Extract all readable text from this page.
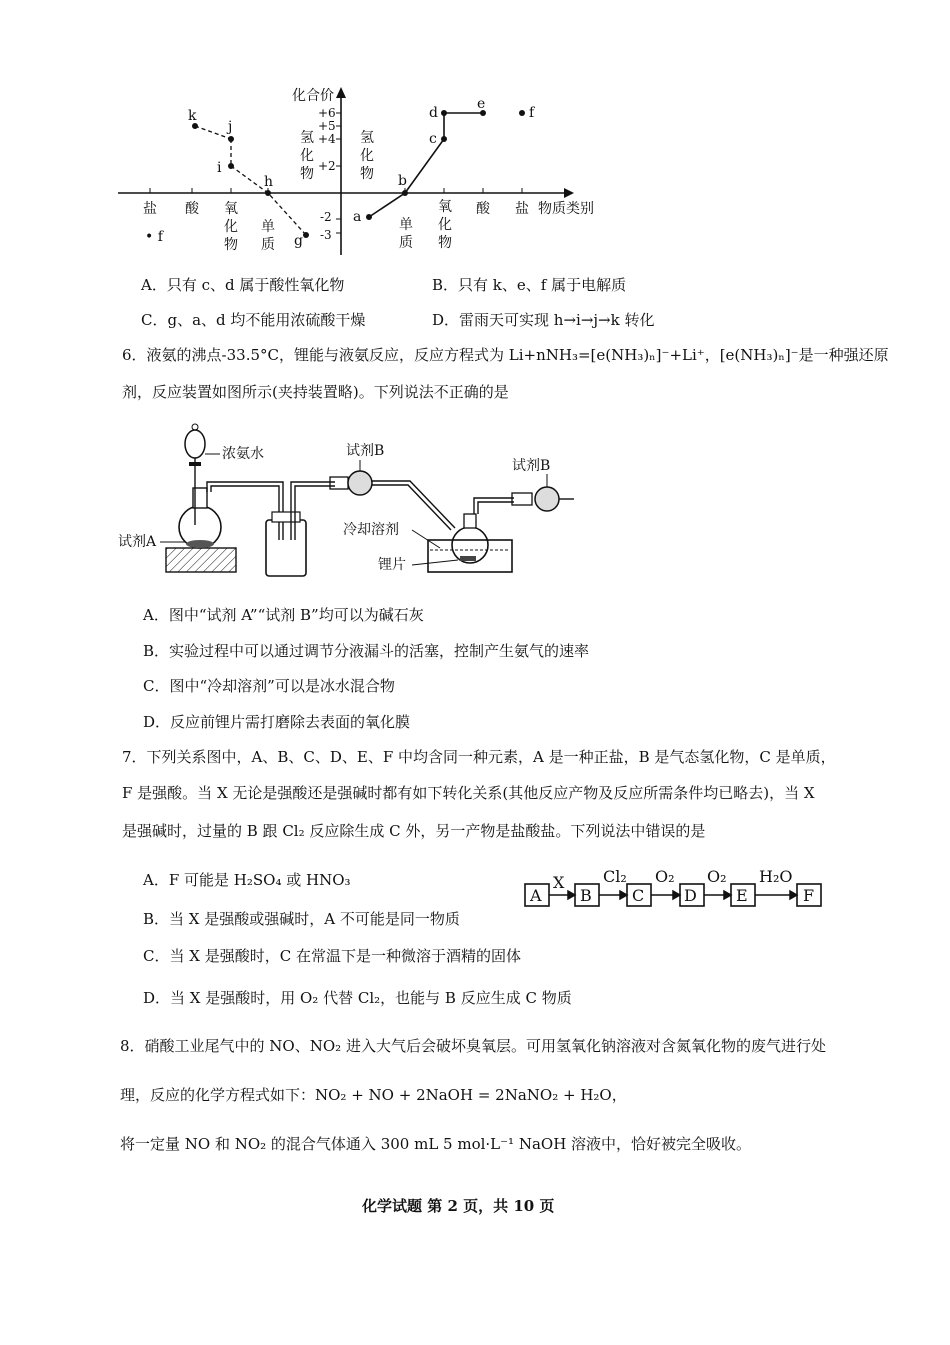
化合价
+6
+5
+4
+2
-2
-3
氢
化
物
氢
化
物
盐 酸 氧
化
物
单
质
单
质
氧
化
物
酸 盐 物质类别
a
b
c
d
e
f
k
j
i
h
g
• f
A．只有 c、d 属于酸性氧化物	B．只有 k、e、f 属于电解质
C．g、a、d 均不能用浓硫酸干燥	D．雷雨天可实现 h→i→j→k 转化
6．液氨的沸点-33.5°C，锂能与液氨反应，反应方程式为 Li+nNH₃=[e(NH₃)ₙ]⁻+Li⁺，[e(NH₃)ₙ]⁻是一种强还原
剂，反应装置如图所示(夹持装置略)。下列说法不正确的是
浓氨水
试剂A
试剂B
冷却溶剂
锂片
试剂B
A．图中“试剂 A”“试剂 B”均可以为碱石灰
B．实验过程中可以通过调节分液漏斗的活塞，控制产生氨气的速率
C．图中“冷却溶剂”可以是冰水混合物
D．反应前锂片需打磨除去表面的氧化膜
7．下列关系图中，A、B、C、D、E、F 中均含同一种元素，A 是一种正盐，B 是气态氢化物，C 是单质，
F 是强酸。当 X 无论是强酸还是强碱时都有如下转化关系(其他反应产物及反应所需条件均已略去)，当 X
是强碱时，过量的 B 跟 Cl₂ 反应除生成 C 外，另一产物是盐酸盐。下列说法中错误的是
A．F 可能是 H₂SO₄ 或 HNO₃
B．当 X 是强酸或强碱时，A 不可能是同一物质
C．当 X 是强酸时，C 在常温下是一种微溶于酒精的固体
D．当 X 是强酸时，用 O₂ 代替 Cl₂，也能与 B 反应生成 C 物质
A B	C D E	F
X Cl₂ O₂ O₂ H₂O
8．硝酸工业尾气中的 NO、NO₂ 进入大气后会破坏臭氧层。可用氢氧化钠溶液对含氮氧化物的废气进行处
理，反应的化学方程式如下：NO₂ + NO + 2NaOH = 2NaNO₂ + H₂O，
将一定量 NO 和 NO₂ 的混合气体通入 300 mL 5 mol·L⁻¹ NaOH 溶液中，恰好被完全吸收。
化学试题 第 2 页，共 10 页
